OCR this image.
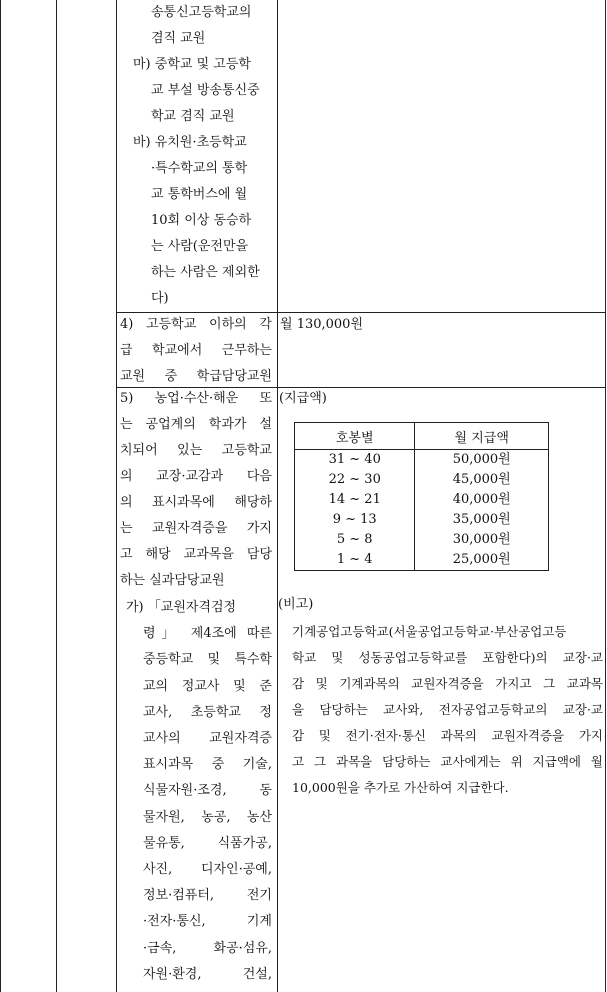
송통신고등학교의
겸직 교원
마) 중학교 및 고등학
교 부설 방송통신중
학교 겸직 교원
바) 유치원·초등학교
·특수학교의 통학
교 통학버스에 월
10회 이상 동승하
는 사람(운전만을
하는 사람은 제외한
다)
4) 고등학교 이하의 각
급 학교에서 근무하는
교원 중 학급담당교원
월 130,000원
5) 농업·수산·해운 또
는 공업계의 학과가 설
치되어 있는 고등학교
의 교장·교감과 다음
의 표시과목에 해당하
는 교원자격증을 가지
고 해당 교과목을 담당
하는 실과담당교원
가) 「교원자격검정
령」 제4조에 따른
중등학교 및 특수학
교의 정교사 및 준
교사, 초등학교 정
교사의 교원자격증
표시과목 중 기술,
식물자원·조경, 동
물자원, 농공, 농산
물유통, 식품가공,
사진, 디자인·공예,
정보·컴퓨터, 전기
·전자·통신, 기계
·금속, 화공·섬유,
자원·환경, 건설,
(지급액)
호봉별	월 지급액
31 ~ 40	50,000원
22 ~ 30	45,000원
14 ~ 21	40,000원
9 ~ 13	35,000원
5 ~ 8	30,000원
1 ~ 4	25,000원
(비고)
기계공업고등학교(서울공업고등학교·부산공업고등
학교 및 성동공업고등학교를 포함한다)의 교장·교
감 및 기계과목의 교원자격증을 가지고 그 교과목
을 담당하는 교사와, 전자공업고등학교의 교장·교
감 및 전기·전자·통신 과목의 교원자격증을 가지
고 그 과목을 담당하는 교사에게는 위 지급액에 월
10,000원을 추가로 가산하여 지급한다.
